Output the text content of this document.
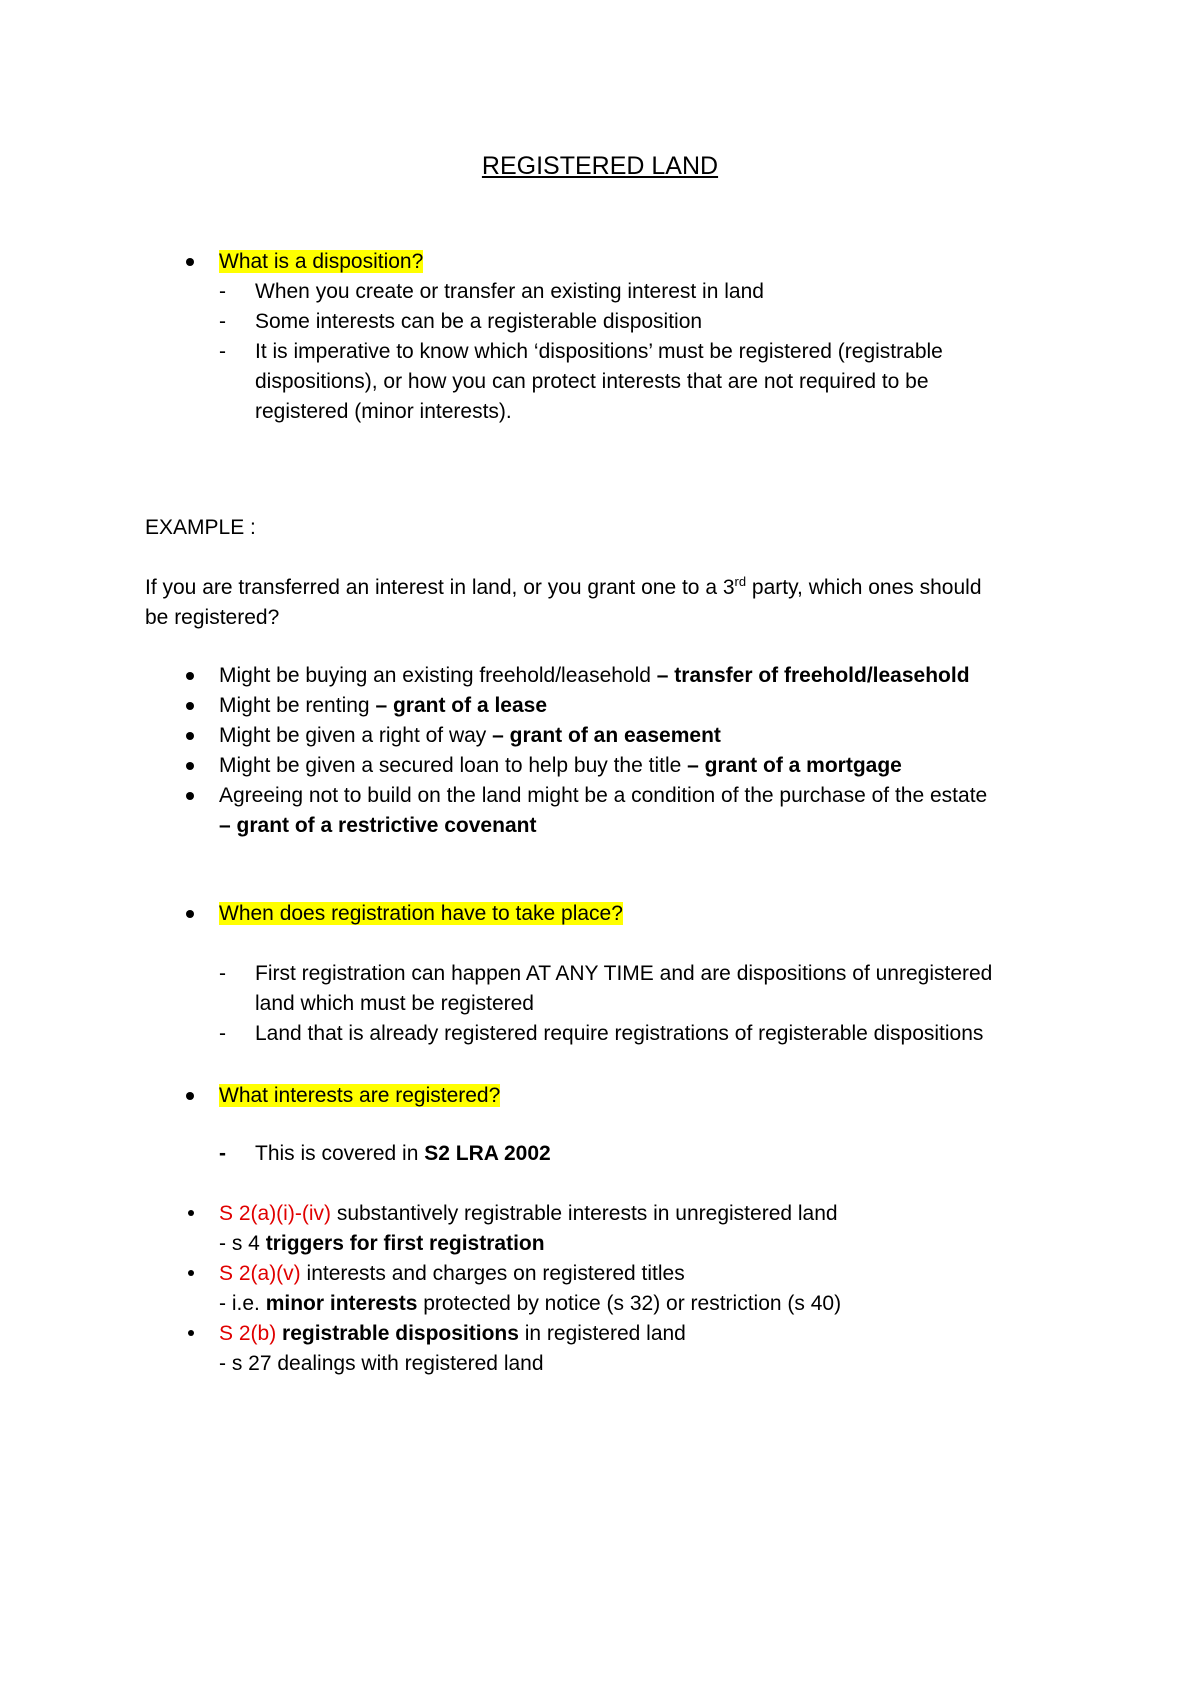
REGISTERED LAND
What is a disposition?
- When you create or transfer an existing interest in land
- Some interests can be a registerable disposition
- It is imperative to know which ‘dispositions’ must be registered (registrable
dispositions), or how you can protect interests that are not required to be
registered (minor interests).
EXAMPLE :
If you are transferred an interest in land, or you grant one to a 3rd party, which ones should
be registered?
Might be buying an existing freehold/leasehold – transfer of freehold/leasehold
Might be renting – grant of a lease
Might be given a right of way – grant of an easement
Might be given a secured loan to help buy the title – grant of a mortgage
Agreeing not to build on the land might be a condition of the purchase of the estate
– grant of a restrictive covenant
When does registration have to take place?
- First registration can happen AT ANY TIME and are dispositions of unregistered
land which must be registered
- Land that is already registered require registrations of registerable dispositions
What interests are registered?
- This is covered in S2 LRA 2002
S 2(a)(i)-(iv) substantively registrable interests in unregistered land
- s 4 triggers for first registration
S 2(a)(v) interests and charges on registered titles
- i.e. minor interests protected by notice (s 32) or restriction (s 40)
S 2(b) registrable dispositions in registered land
- s 27 dealings with registered land
